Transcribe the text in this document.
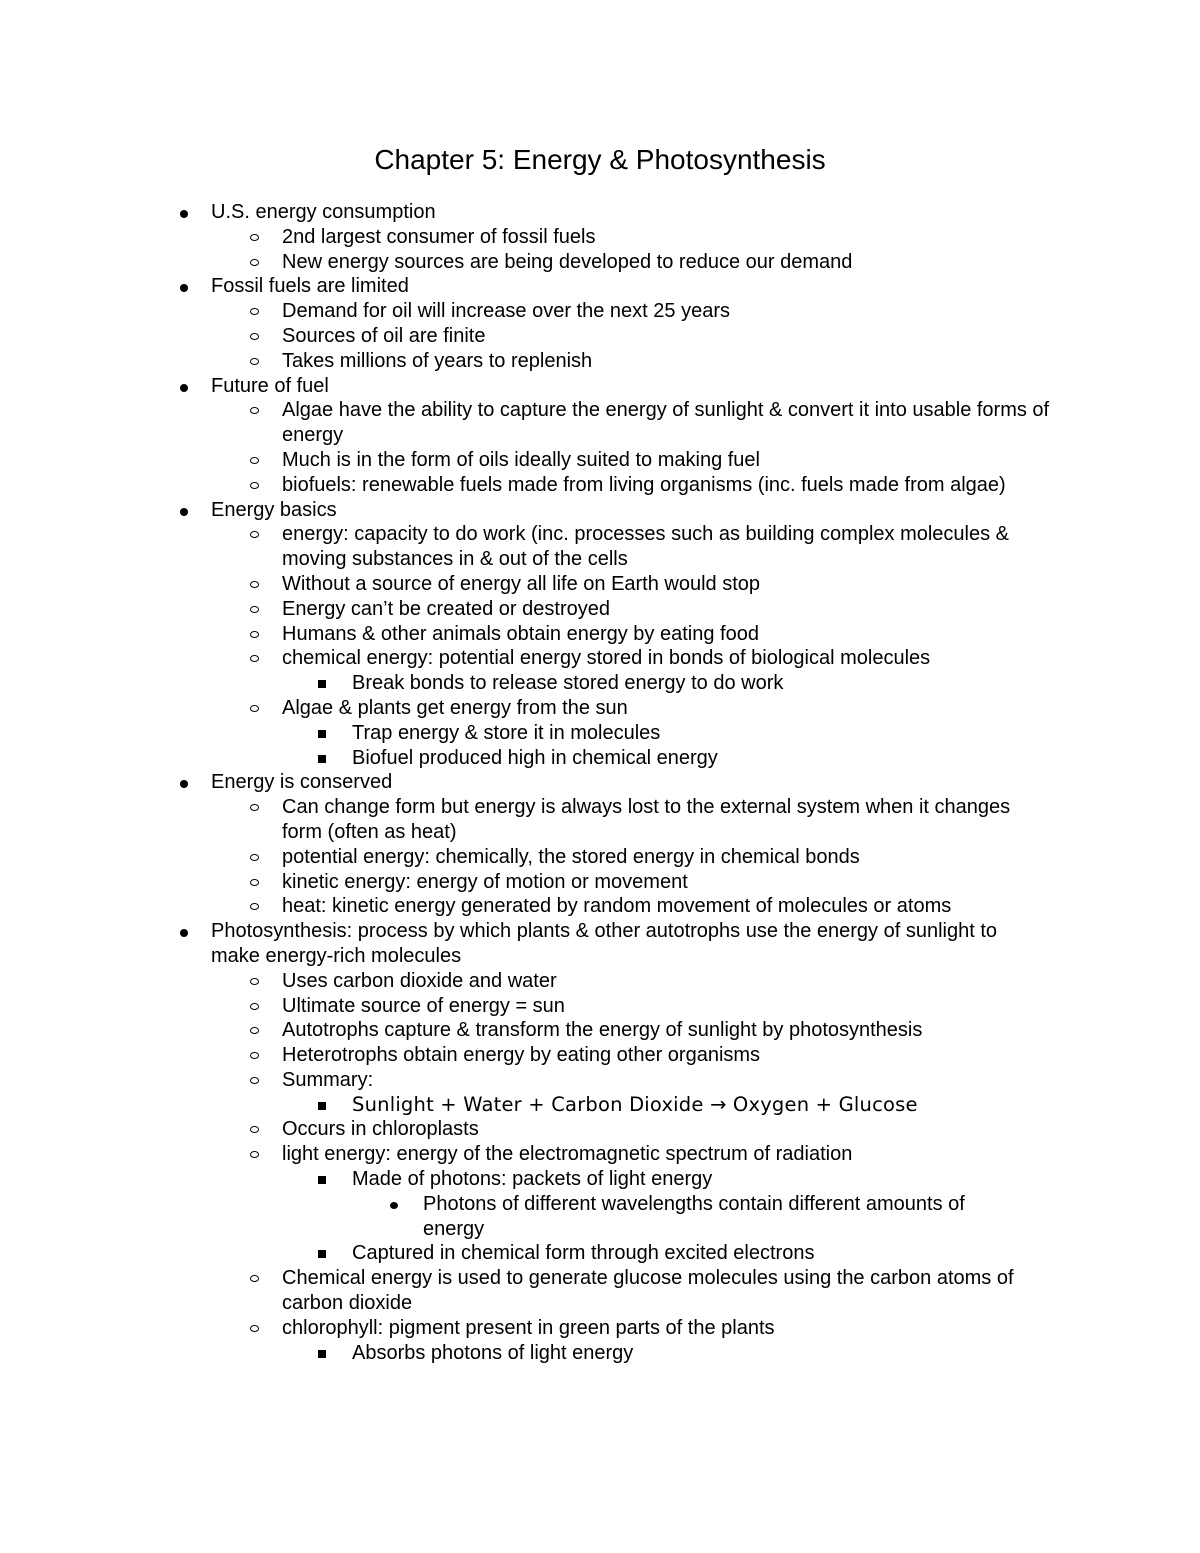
Chapter 5: Energy & Photosynthesis
U.S. energy consumption
2nd largest consumer of fossil fuels
New energy sources are being developed to reduce our demand
Fossil fuels are limited
Demand for oil will increase over the next 25 years
Sources of oil are finite
Takes millions of years to replenish
Future of fuel
Algae have the ability to capture the energy of sunlight & convert it into usable forms of energy
Much is in the form of oils ideally suited to making fuel
biofuels: renewable fuels made from living organisms (inc. fuels made from algae)
Energy basics
energy: capacity to do work (inc. processes such as building complex molecules & moving substances in & out of the cells
Without a source of energy all life on Earth would stop
Energy can’t be created or destroyed
Humans & other animals obtain energy by eating food
chemical energy: potential energy stored in bonds of biological molecules
Break bonds to release stored energy to do work
Algae & plants get energy from the sun
Trap energy & store it in molecules
Biofuel produced high in chemical energy
Energy is conserved
Can change form but energy is always lost to the external system when it changes form (often as heat)
potential energy: chemically, the stored energy in chemical bonds
kinetic energy: energy of motion or movement
heat: kinetic energy generated by random movement of molecules or atoms
Photosynthesis: process by which plants & other autotrophs use the energy of sunlight to make energy-rich molecules
Uses carbon dioxide and water
Ultimate source of energy = sun
Autotrophs capture & transform the energy of sunlight by photosynthesis
Heterotrophs obtain energy by eating other organisms
Summary:
Sunlight + Water + Carbon Dioxide → Oxygen + Glucose
Occurs in chloroplasts
light energy: energy of the electromagnetic spectrum of radiation
Made of photons: packets of light energy
Photons of different wavelengths contain different amounts of energy
Captured in chemical form through excited electrons
Chemical energy is used to generate glucose molecules using the carbon atoms of carbon dioxide
chlorophyll: pigment present in green parts of the plants
Absorbs photons of light energy
